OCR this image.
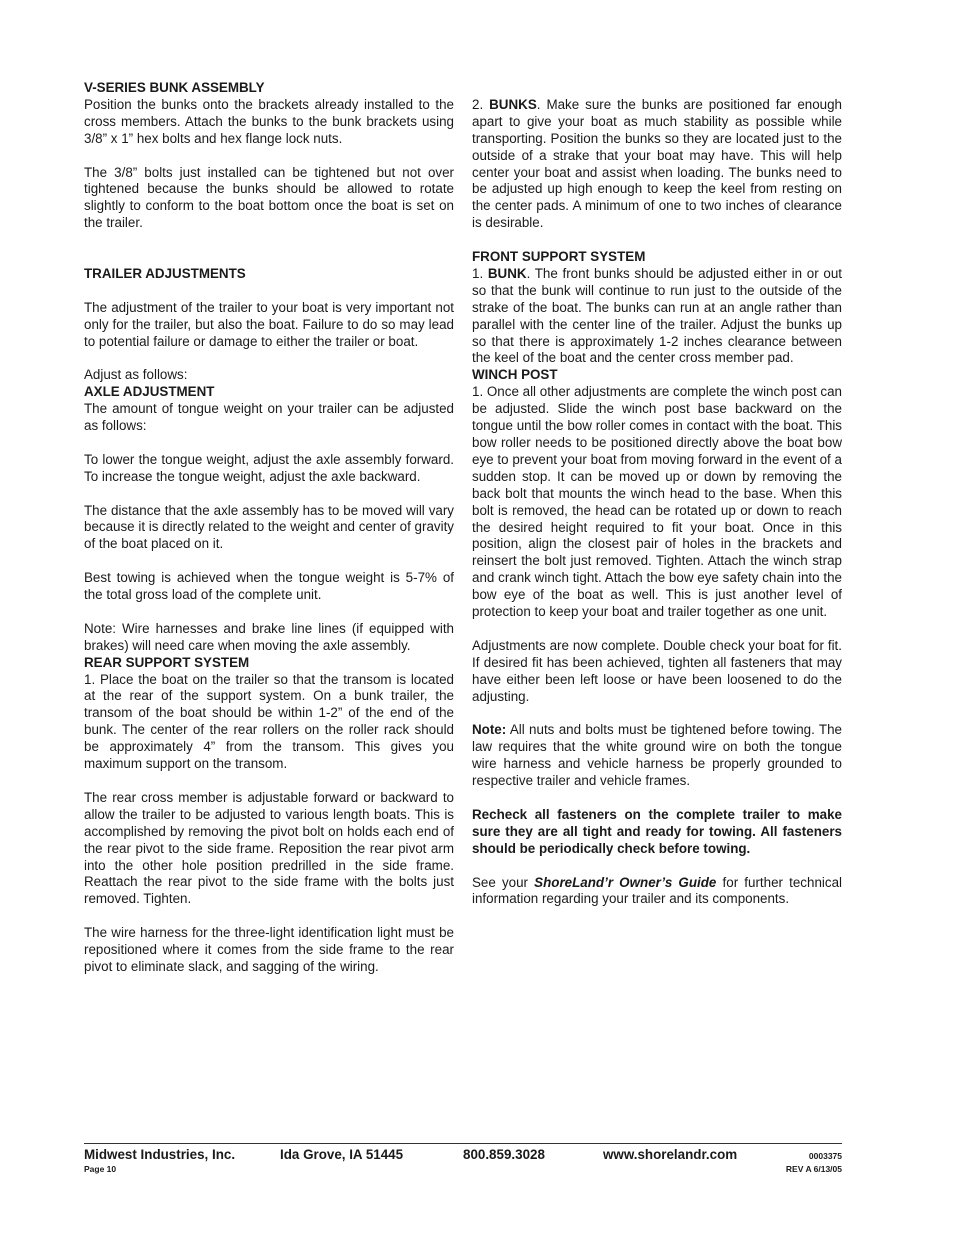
V-SERIES BUNK ASSEMBLY

Position the bunks onto the brackets already installed to the cross members. Attach the bunks to the bunk brackets using 3/8” x 1” hex bolts and hex flange lock nuts.

The 3/8” bolts just installed can be tightened but not over tightened because the bunks should be allowed to rotate slightly to conform to the boat bottom once the boat is set on the trailer.

TRAILER ADJUSTMENTS

The adjustment of the trailer to your boat is very important not only for the trailer, but also the boat. Failure to do so may lead to potential failure or damage to either the trailer or boat.

Adjust as follows:

AXLE ADJUSTMENT

The amount of tongue weight on your trailer can be adjusted as follows:

To lower the tongue weight, adjust the axle assembly forward. To increase the tongue weight, adjust the axle backward.

The distance that the axle assembly has to be moved will vary because it is directly related to the weight and center of gravity of the boat placed on it.

Best towing is achieved when the tongue weight is 5-7% of the total gross load of the complete unit.

Note: Wire harnesses and brake line lines (if equipped with brakes) will need care when moving the axle assembly.

REAR SUPPORT SYSTEM

1. Place the boat on the trailer so that the transom is located at the rear of the support system. On a bunk trailer, the transom of the boat should be within 1-2” of the end of the bunk. The center of the rear rollers on the roller rack should be approximately 4” from the transom. This gives you maximum support on the transom.

The rear cross member is adjustable forward or backward to allow the trailer to be adjusted to various length boats. This is accomplished by removing the pivot bolt on holds each end of the rear pivot to the side frame. Reposition the rear pivot arm into the other hole position predrilled in the side frame. Reattach the rear pivot to the side frame with the bolts just removed. Tighten.

The wire harness for the three-light identification light must be repositioned where it comes from the side frame to the rear pivot to eliminate slack, and sagging of the wiring.

2. BUNKS. Make sure the bunks are positioned far enough apart to give your boat as much stability as possible while transporting. Position the bunks so they are located just to the outside of a strake that your boat may have. This will help center your boat and assist when loading. The bunks need to be adjusted up high enough to keep the keel from resting on the center pads. A minimum of one to two inches of clearance is desirable.

FRONT SUPPORT SYSTEM

1. BUNK. The front bunks should be adjusted either in or out so that the bunk will continue to run just to the outside of the strake of the boat. The bunks can run at an angle rather than parallel with the center line of the trailer. Adjust the bunks up so that there is approximately 1-2 inches clearance between the keel of the boat and the center cross member pad.

WINCH POST

1. Once all other adjustments are complete the winch post can be adjusted. Slide the winch post base backward on the tongue until the bow roller comes in contact with the boat. This bow roller needs to be positioned directly above the boat bow eye to prevent your boat from moving forward in the event of a sudden stop. It can be moved up or down by removing the back bolt that mounts the winch head to the base. When this bolt is removed, the head can be rotated up or down to reach the desired height required to fit your boat. Once in this position, align the closest pair of holes in the brackets and reinsert the bolt just removed. Tighten. Attach the winch strap and crank winch tight. Attach the bow eye safety chain into the bow eye of the boat as well. This is just another level of protection to keep your boat and trailer together as one unit.

Adjustments are now complete. Double check your boat for fit. If desired fit has been achieved, tighten all fasteners that may have either been left loose or have been loosened to do the adjusting.

Note: All nuts and bolts must be tightened before towing. The law requires that the white ground wire on both the tongue wire harness and vehicle harness be properly grounded to respective trailer and vehicle frames.

Recheck all fasteners on the complete trailer to make sure they are all tight and ready for towing. All fasteners should be periodically check before towing.

See your ShoreLand’r Owner’s Guide for further technical information regarding your trailer and its components.

Midwest Industries, Inc.	Ida Grove, IA 51445	800.859.3028	www.shorelandr.com
Page 10
0003375
REV A 6/13/05
